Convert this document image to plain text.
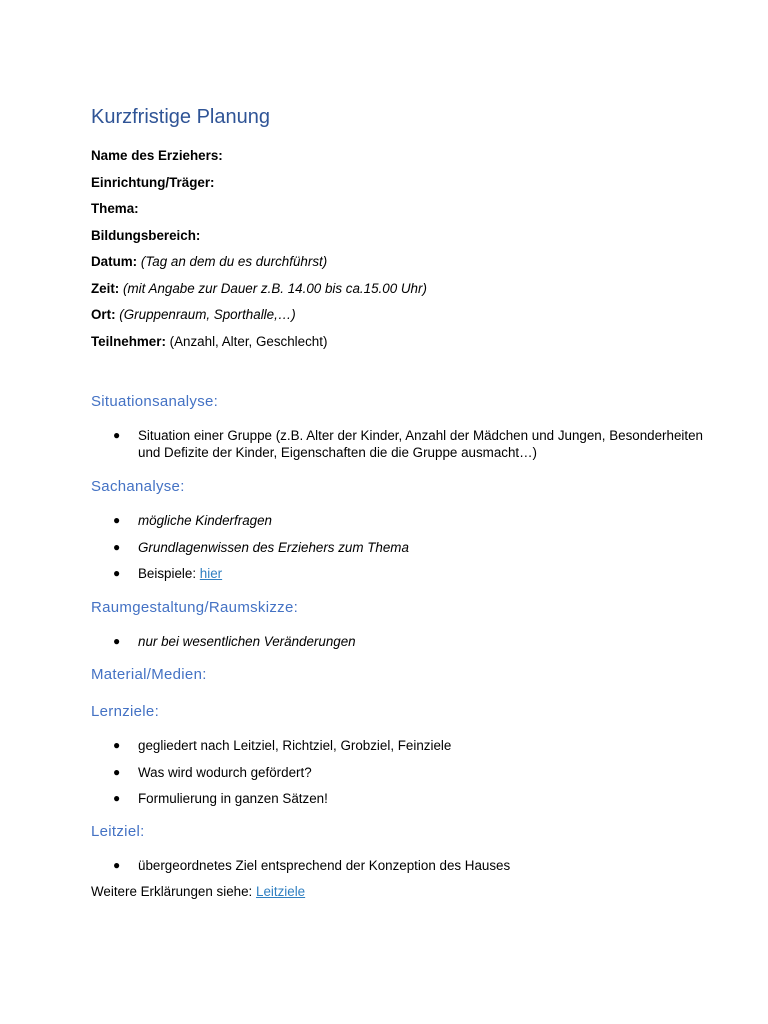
Kurzfristige Planung
Name des Erziehers:
Einrichtung/Träger:
Thema:
Bildungsbereich:
Datum: (Tag an dem du es durchführst)
Zeit: (mit Angabe zur Dauer z.B. 14.00 bis ca.15.00 Uhr)
Ort: (Gruppenraum, Sporthalle,…)
Teilnehmer: (Anzahl, Alter, Geschlecht)
Situationsanalyse:
● Situation einer Gruppe (z.B. Alter der Kinder, Anzahl der Mädchen und Jungen, Besonderheiten und Defizite der Kinder, Eigenschaften die die Gruppe ausmacht…)
Sachanalyse:
● mögliche Kinderfragen
● Grundlagenwissen des Erziehers zum Thema
● Beispiele: hier
Raumgestaltung/Raumskizze:
● nur bei wesentlichen Veränderungen
Material/Medien:
Lernziele:
● gegliedert nach Leitziel, Richtziel, Grobziel, Feinziele
● Was wird wodurch gefördert?
● Formulierung in ganzen Sätzen!
Leitziel:
● übergeordnetes Ziel entsprechend der Konzeption des Hauses
Weitere Erklärungen siehe: Leitziele
